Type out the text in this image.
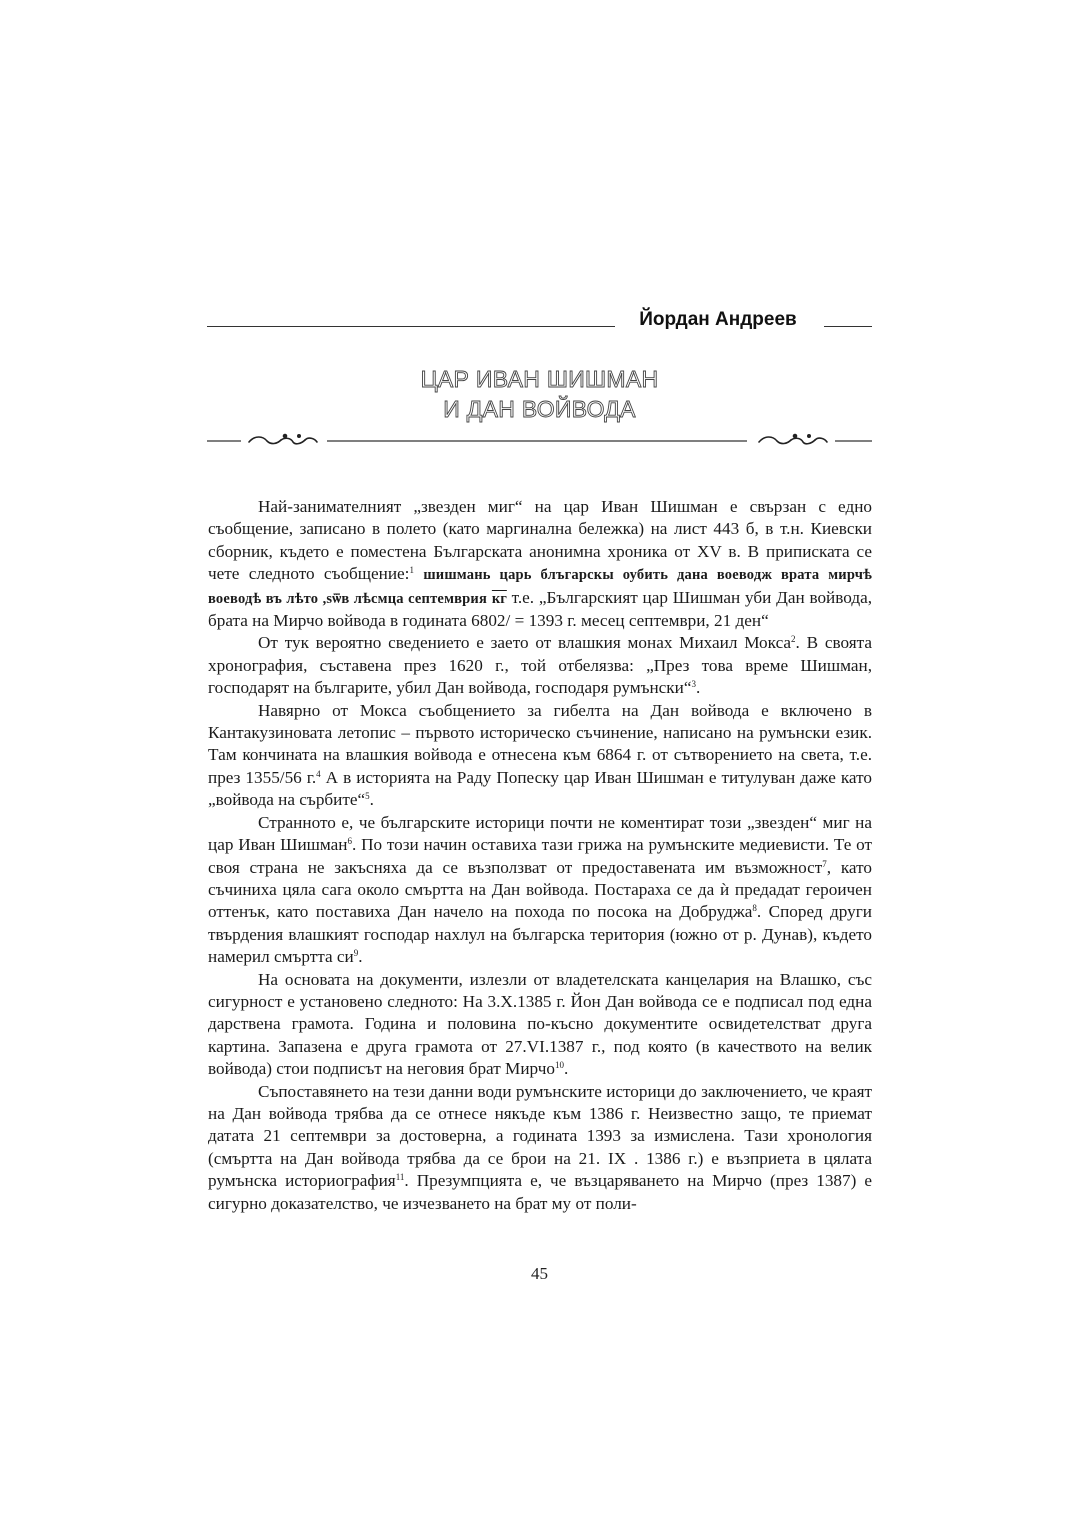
Йордан Андреев
ЦАР ИВАН ШИШМАН
И ДАН ВОЙВОДА

Най-занимателният „звезден миг“ на цар Иван Шишман е свързан с едно съобщение, записано в полето (като маргинална бележка) на лист 443 б, в т.н. Киевски сборник, където е поместена Българската анонимна хроника от XV в. В приписката се чете следното съобщение:$^1$ шишмань царь блъгарскы оубить дана воеводж врата мирчѣ воеводѣ въ лѣто ,ѕѿв лѣсмца септемврия кг т.е. „Българският цар Шишман уби Дан войвода, брата на Мирчо войвода в годината 6802/ = 1393 г. месец септември, 21 ден“

От тук вероятно сведението е заето от влашкия монах Михаил Мокса$^2$. В своята хронография, съставена през 1620 г., той отбелязва: „През това време Шишман, господарят на българите, убил Дан войвода, господаря румънски“$^3$.

Навярно от Мокса съобщението за гибелта на Дан войвода е включено в Кантакузиновата летопис – първото историческо съчинение, написано на румънски език. Там кончината на влашкия войвода е отнесена към 6864 г. от сътворението на света, т.е. през 1355/56 г.$^4$ А в историята на Раду Попеску цар Иван Шишман е титулуван даже като „войвода на сърбите“$^5$.

Странното е, че българските историци почти не коментират този „звезден“ миг на цар Иван Шишман$^6$. По този начин оставиха тази грижа на румънските медиевисти. Те от своя страна не закъсняха да се възползват от предоставената им възможност$^7$, като съчиниха цяла сага около смъртта на Дан войвода. Постараха се да ѝ предадат героичен оттенък, като поставиха Дан начело на похода по посока на Добруджа$^8$. Според други твърдения влашкият господар нахлул на българска територия (южно от р. Дунав), където намерил смъртта $си^9$.

На основата на документи, излезли от владетелската канцелария на Влашко, със сигурност е установено следното: На 3.X.1385 г. Йон Дан войвода се е подписал под една дарствена грамота. Година и половина по-късно документите освидетелстват друга картина. Запазена е друга грамота от 27.VI.1387 г., под която (в качеството на велик войвода) стои подписът на неговия брат Мирчо$^{10}$.

Съпоставянето на тези данни води румънските историци до заключението, че краят на Дан войвода трябва да се отнесе някъде към 1386 г. Неизвестно защо, те приемат датата 21 септември за достоверна, а годината 1393 за измислена. Тази хронология (смъртта на Дан войвода трябва да се брои на 21. IX . 1386 г.) е възприета в цялата румънска историография$^{11}$. Презумпцията е, че възцаряването на Мирчо (през 1387) е сигурно доказателство, че изчезването на брат му от поли-

45
